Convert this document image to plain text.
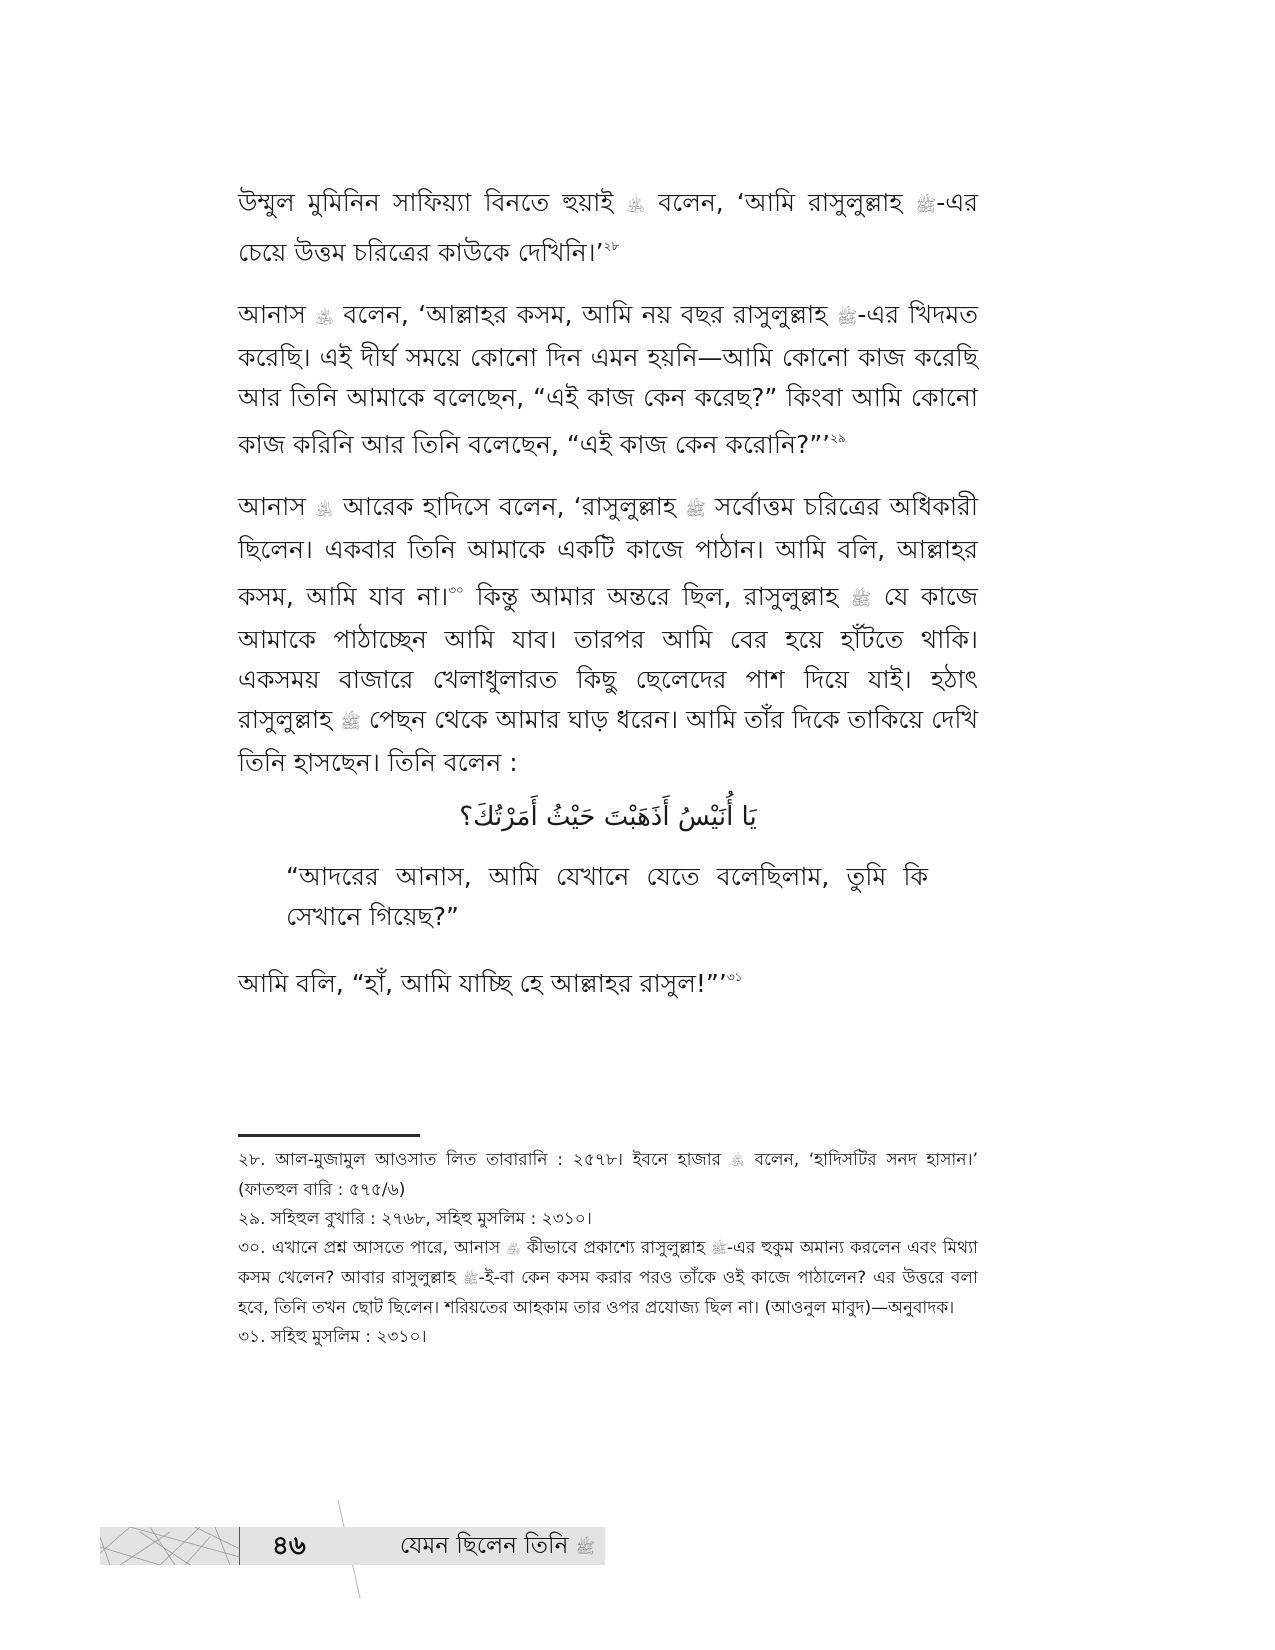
উম্মুল মুমিনিন সাফিয়্যা বিনতে হুয়াই ﵁ বলেন, ‘আমি রাসুলুল্লাহ ﷺ-এর চেয়ে উত্তম চরিত্রের কাউকে দেখিনি।’$^{২৮}$

আনাস ﵁ বলেন, ‘আল্লাহর কসম, আমি নয় বছর রাসুলুল্লাহ ﷺ-এর খিদমত করেছি। এই দীর্ঘ সময়ে কোনো দিন এমন হয়নি—আমি কোনো কাজ করেছি আর তিনি আমাকে বলেছেন, “এই কাজ কেন করেছ?” কিংবা আমি কোনো কাজ করিনি আর তিনি বলেছেন, “এই কাজ কেন করোনি?”’$^{২৯}$

আনাস ﵁ আরেক হাদিসে বলেন, ‘রাসুলুল্লাহ ﷺ সর্বোত্তম চরিত্রের অধিকারী ছিলেন। একবার তিনি আমাকে একটি কাজে পাঠান। আমি বলি, আল্লাহর কসম, আমি যাব না।$^{৩০}$ কিন্তু আমার অন্তরে ছিল, রাসুলুল্লাহ ﷺ যে কাজে আমাকে পাঠাচ্ছেন আমি যাব। তারপর আমি বের হয়ে হাঁটতে থাকি। একসময় বাজারে খেলাধুলারত কিছু ছেলেদের পাশ দিয়ে যাই। হঠাৎ রাসুলুল্লাহ ﷺ পেছন থেকে আমার ঘাড় ধরেন। আমি তাঁর দিকে তাকিয়ে দেখি তিনি হাসছেন। তিনি বলেন :

يَا أُنَيْسُ أَذَهَبْتَ حَيْثُ أَمَرْتُكَ؟

“আদরের আনাস, আমি যেখানে যেতে বলেছিলাম, তুমি কি সেখানে গিয়েছ?”

আমি বলি, “হাঁ, আমি যাচ্ছি হে আল্লাহর রাসুল!”’$^{৩১}$

২৮. আল-মুজামুল আওসাত লিত তাবারানি : ২৫৭৮। ইবনে হাজার ﵁ বলেন, ‘হাদিসটির সনদ হাসান।’ (ফাতহুল বারি : ৫৭৫/৬)

২৯. সহিহুল বুখারি : ২৭৬৮, সহিহু মুসলিম : ২৩১০।

৩০. এখানে প্রশ্ন আসতে পারে, আনাস ﵁ কীভাবে প্রকাশ্যে রাসুলুল্লাহ ﷺ-এর হুকুম অমান্য করলেন এবং মিথ্যা কসম খেলেন? আবার রাসুলুল্লাহ ﷺ-ই-বা কেন কসম করার পরও তাঁকে ওই কাজে পাঠালেন? এর উত্তরে বলা হবে, তিনি তখন ছোট ছিলেন। শরিয়তের আহকাম তার ওপর প্রযোজ্য ছিল না। (আওনুল মাবুদ)—অনুবাদক।

৩১. সহিহু মুসলিম : ২৩১০।

৪৬	যেমন ছিলেন তিনি ﷺ
